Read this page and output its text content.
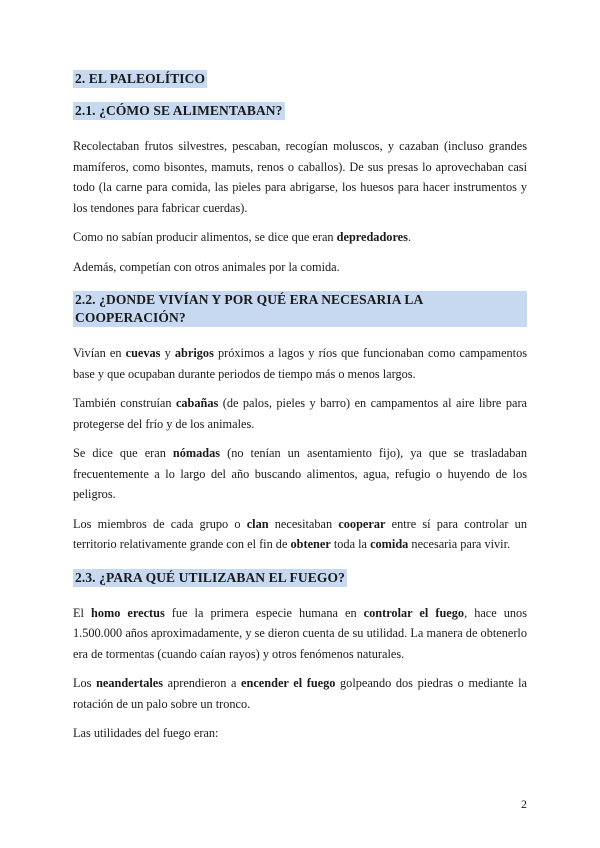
2. EL PALEOLÍTICO
2.1. ¿CÓMO SE ALIMENTABAN?

Recolectaban frutos silvestres, pescaban, recogían moluscos, y cazaban (incluso grandes mamíferos, como bisontes, mamuts, renos o caballos). De sus presas lo aprovechaban casi todo (la carne para comida, las pieles para abrigarse, los huesos para hacer instrumentos y los tendones para fabricar cuerdas).

Como no sabían producir alimentos, se dice que eran depredadores.

Además, competían con otros animales por la comida.

2.2. ¿DONDE VIVÍAN Y POR QUÉ ERA NECESARIA LA COOPERACIÓN?

Vivían en cuevas y abrigos próximos a lagos y ríos que funcionaban como campamentos base y que ocupaban durante periodos de tiempo más o menos largos.

También construían cabañas (de palos, pieles y barro) en campamentos al aire libre para protegerse del frío y de los animales.

Se dice que eran nómadas (no tenían un asentamiento fijo), ya que se trasladaban frecuentemente a lo largo del año buscando alimentos, agua, refugio o huyendo de los peligros.

Los miembros de cada grupo o clan necesitaban cooperar entre sí para controlar un territorio relativamente grande con el fin de obtener toda la comida necesaria para vivir.

2.3. ¿PARA QUÉ UTILIZABAN EL FUEGO?

El homo erectus fue la primera especie humana en controlar el fuego, hace unos 1.500.000 años aproximadamente, y se dieron cuenta de su utilidad. La manera de obtenerlo era de tormentas (cuando caían rayos) y otros fenómenos naturales.

Los neandertales aprendieron a encender el fuego golpeando dos piedras o mediante la rotación de un palo sobre un tronco.

Las utilidades del fuego eran:

2
